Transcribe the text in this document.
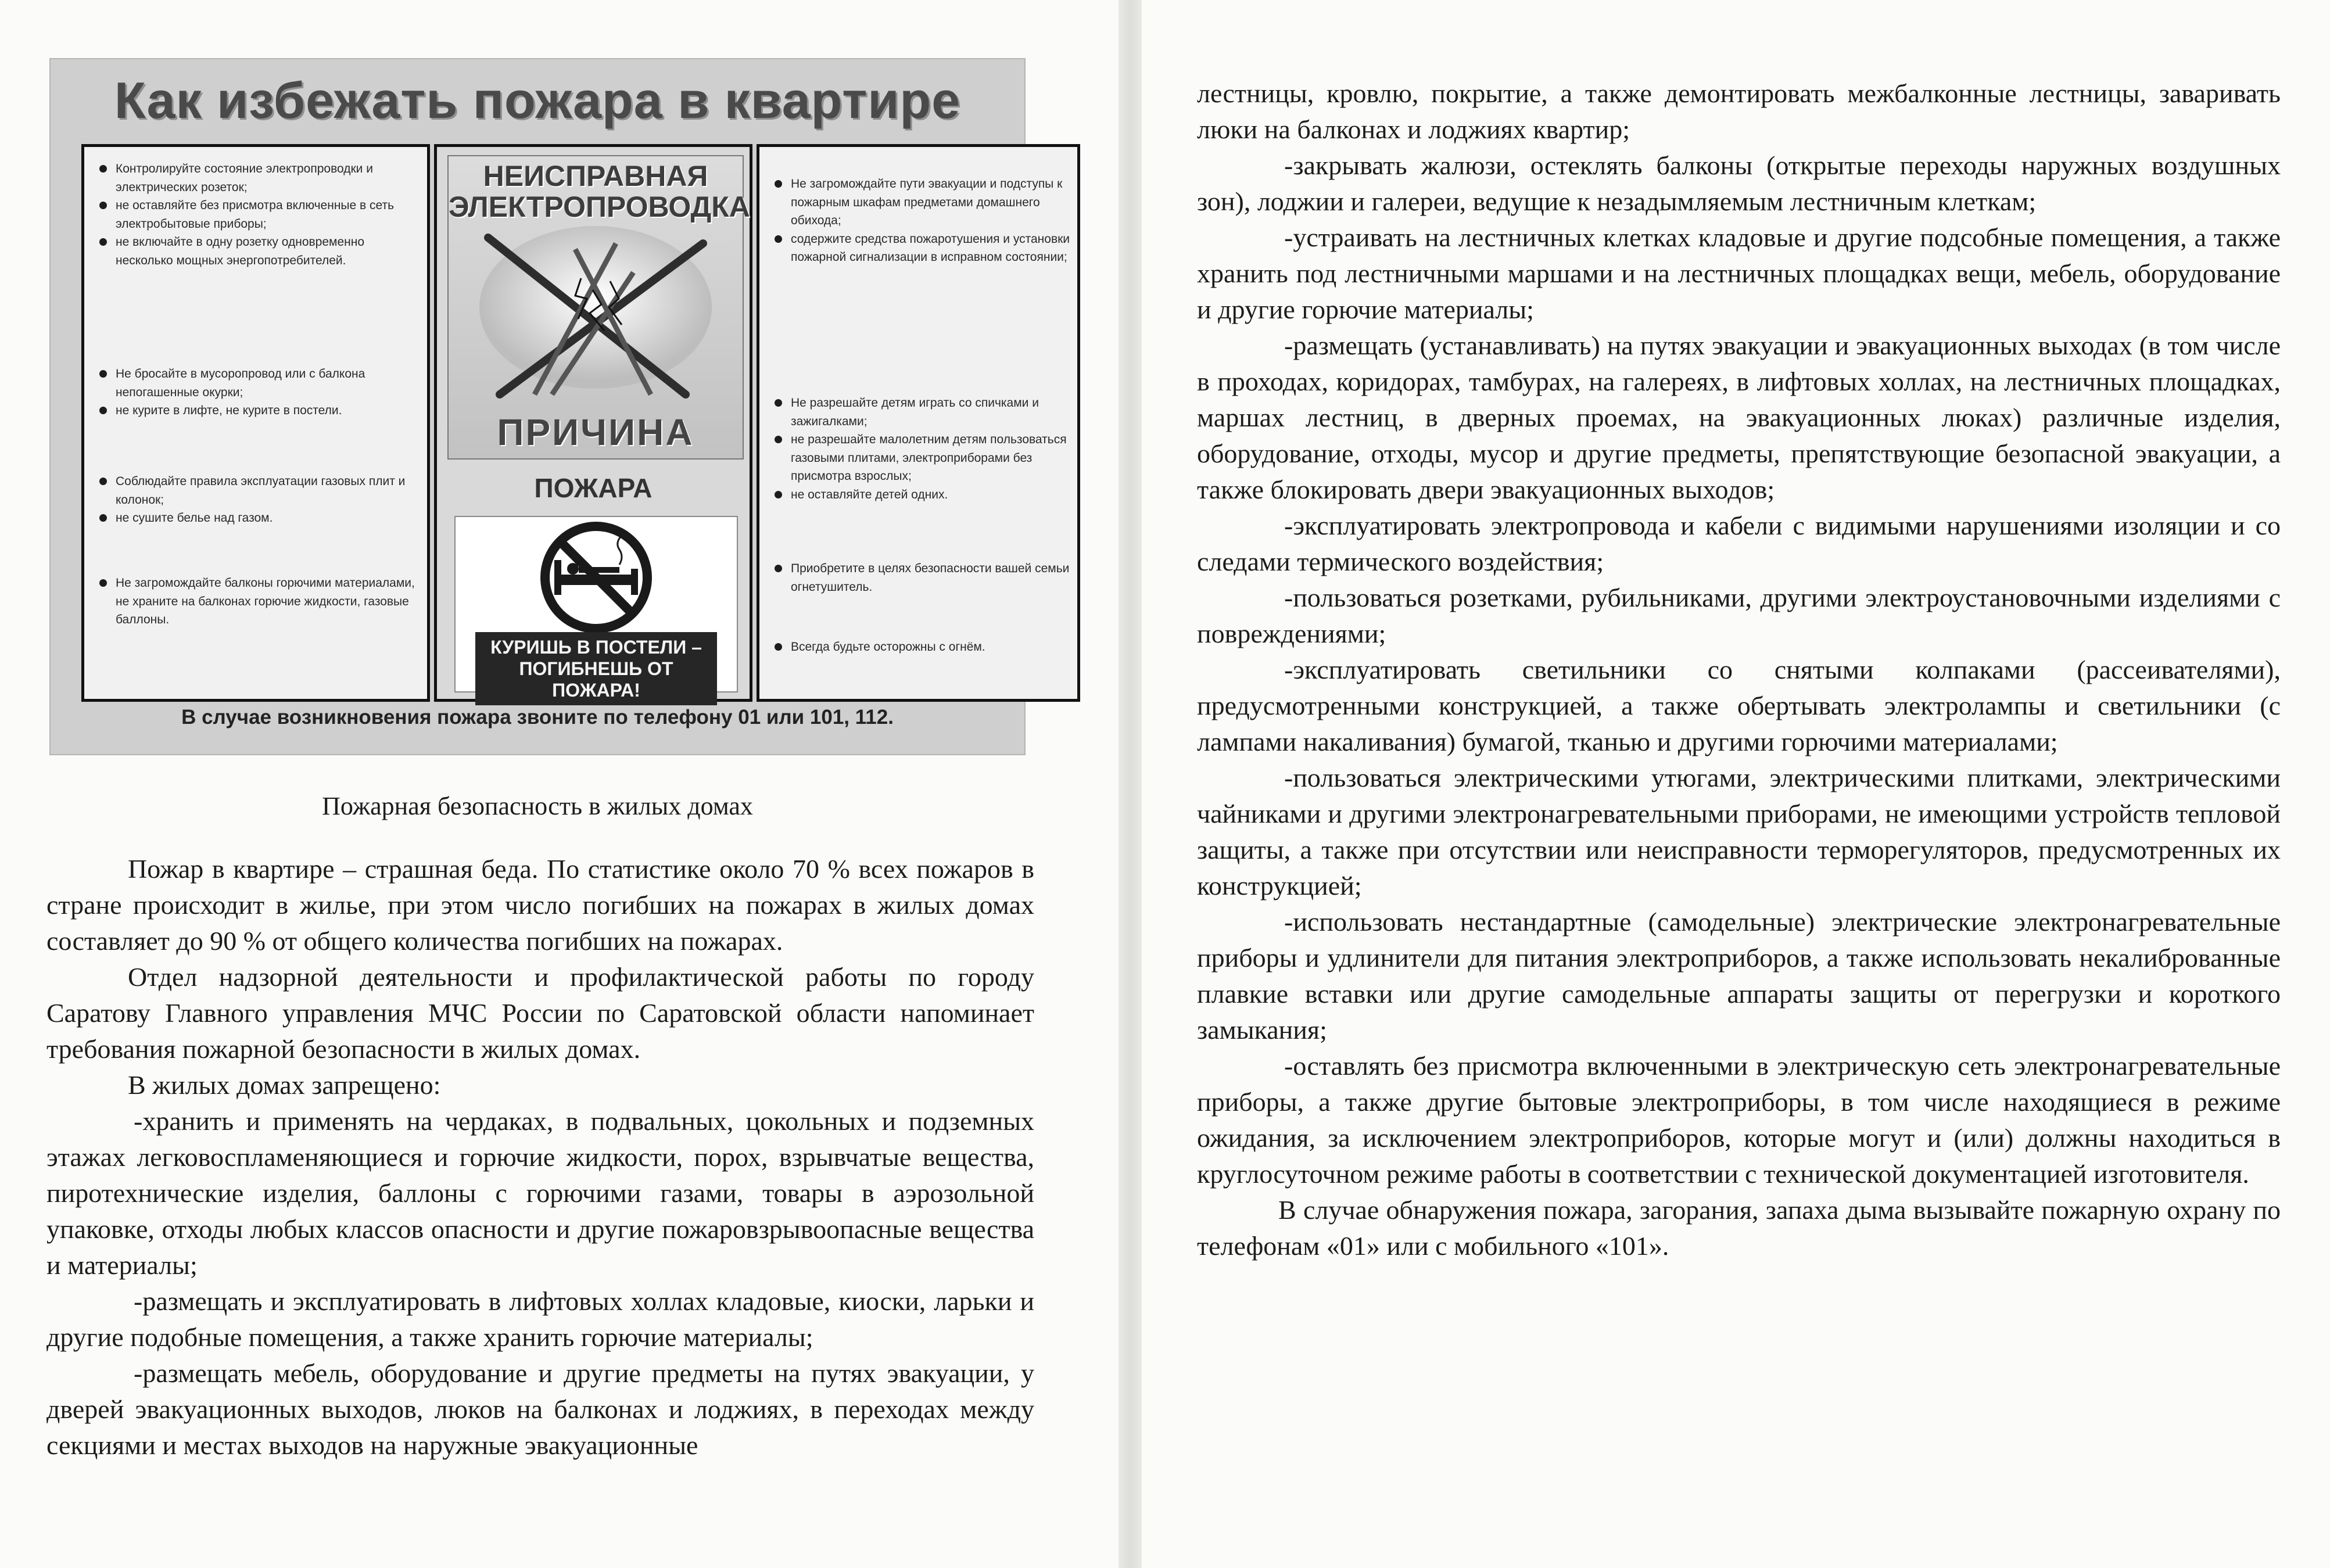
Как избежать пожара в квартире
Контролируйте состояние электропроводки и электрических розеток;
не оставляйте без присмотра включенные в сеть электробытовые приборы;
не включайте в одну розетку одновременно несколько мощных энергопотребителей.
Не бросайте в мусоропровод или с балкона непогашенные окурки;
не курите в лифте, не курите в постели.
Соблюдайте правила эксплуатации газовых плит и колонок;
не сушите белье над газом.
Не загромождайте балконы горючими материалами, не храните на балконах горючие жидкости, газовые баллоны.
НЕИСПРАВНАЯ ЭЛЕКТРОПРОВОДКА
ПРИЧИНА
ПОЖАРА
КУРИШЬ В ПОСТЕЛИ – ПОГИБНЕШЬ ОТ ПОЖАРА!
Не загромождайте пути эвакуации и подступы к пожарным шкафам предметами домашнего обихода;
содержите средства пожаротушения и установки пожарной сигнализации в исправном состоянии;
Не разрешайте детям играть со спичками и зажигалками;
не разрешайте малолетним детям пользоваться газовыми плитами, электроприборами без присмотра взрослых;
не оставляйте детей одних.
Приобретите в целях безопасности вашей семьи огнетушитель.
Всегда будьте осторожны с огнём.
В случае возникновения пожара звоните по телефону 01 или 101, 112.
Пожарная безопасность в жилых домах

Пожар в квартире – страшная беда. По статистике около 70 % всех пожаров в стране происходит в жилье, при этом число погибших на пожарах в жилых домах составляет до 90 % от общего количества погибших на пожарах.

Отдел надзорной деятельности и профилактической работы по городу Саратову Главного управления МЧС России по Саратовской области напоминает требования пожарной безопасности в жилых домах.

В жилых домах запрещено:

-хранить и применять на чердаках, в подвальных, цокольных и подземных этажах легковоспламеняющиеся и горючие жидкости, порох, взрывчатые вещества, пиротехнические изделия, баллоны с горючими газами, товары в аэрозольной упаковке, отходы любых классов опасности и другие пожаровзрывоопасные вещества и материалы;

-размещать и эксплуатировать в лифтовых холлах кладовые, киоски, ларьки и другие подобные помещения, а также хранить горючие материалы;

-размещать мебель, оборудование и другие предметы на путях эвакуации, у дверей эвакуационных выходов, люков на балконах и лоджиях, в переходах между секциями и местах выходов на наружные эвакуационные

лестницы, кровлю, покрытие, а также демонтировать межбалконные лестницы, заваривать люки на балконах и лоджиях квартир;

-закрывать жалюзи, остеклять балконы (открытые переходы наружных воздушных зон), лоджии и галереи, ведущие к незадымляемым лестничным клеткам;

-устраивать на лестничных клетках кладовые и другие подсобные помещения, а также хранить под лестничными маршами и на лестничных площадках вещи, мебель, оборудование и другие горючие материалы;

-размещать (устанавливать) на путях эвакуации и эвакуационных выходах (в том числе в проходах, коридорах, тамбурах, на галереях, в лифтовых холлах, на лестничных площадках, маршах лестниц, в дверных проемах, на эвакуационных люках) различные изделия, оборудование, отходы, мусор и другие предметы, препятствующие безопасной эвакуации, а также блокировать двери эвакуационных выходов;

-эксплуатировать электропровода и кабели с видимыми нарушениями изоляции и со следами термического воздействия;

-пользоваться розетками, рубильниками, другими электроустановочными изделиями с повреждениями;

-эксплуатировать светильники со снятыми колпаками (рассеивателями), предусмотренными конструкцией, а также обертывать электролампы и светильники (с лампами накаливания) бумагой, тканью и другими горючими материалами;

-пользоваться электрическими утюгами, электрическими плитками, электрическими чайниками и другими электронагревательными приборами, не имеющими устройств тепловой защиты, а также при отсутствии или неисправности терморегуляторов, предусмотренных их конструкцией;

-использовать нестандартные (самодельные) электрические электронагревательные приборы и удлинители для питания электроприборов, а также использовать некалиброванные плавкие вставки или другие самодельные аппараты защиты от перегрузки и короткого замыкания;

-оставлять без присмотра включенными в электрическую сеть электронагревательные приборы, а также другие бытовые электроприборы, в том числе находящиеся в режиме ожидания, за исключением электроприборов, которые могут и (или) должны находиться в круглосуточном режиме работы в соответствии с технической документацией изготовителя.

В случае обнаружения пожара, загорания, запаха дыма вызывайте пожарную охрану по телефонам «01» или с мобильного «101».
